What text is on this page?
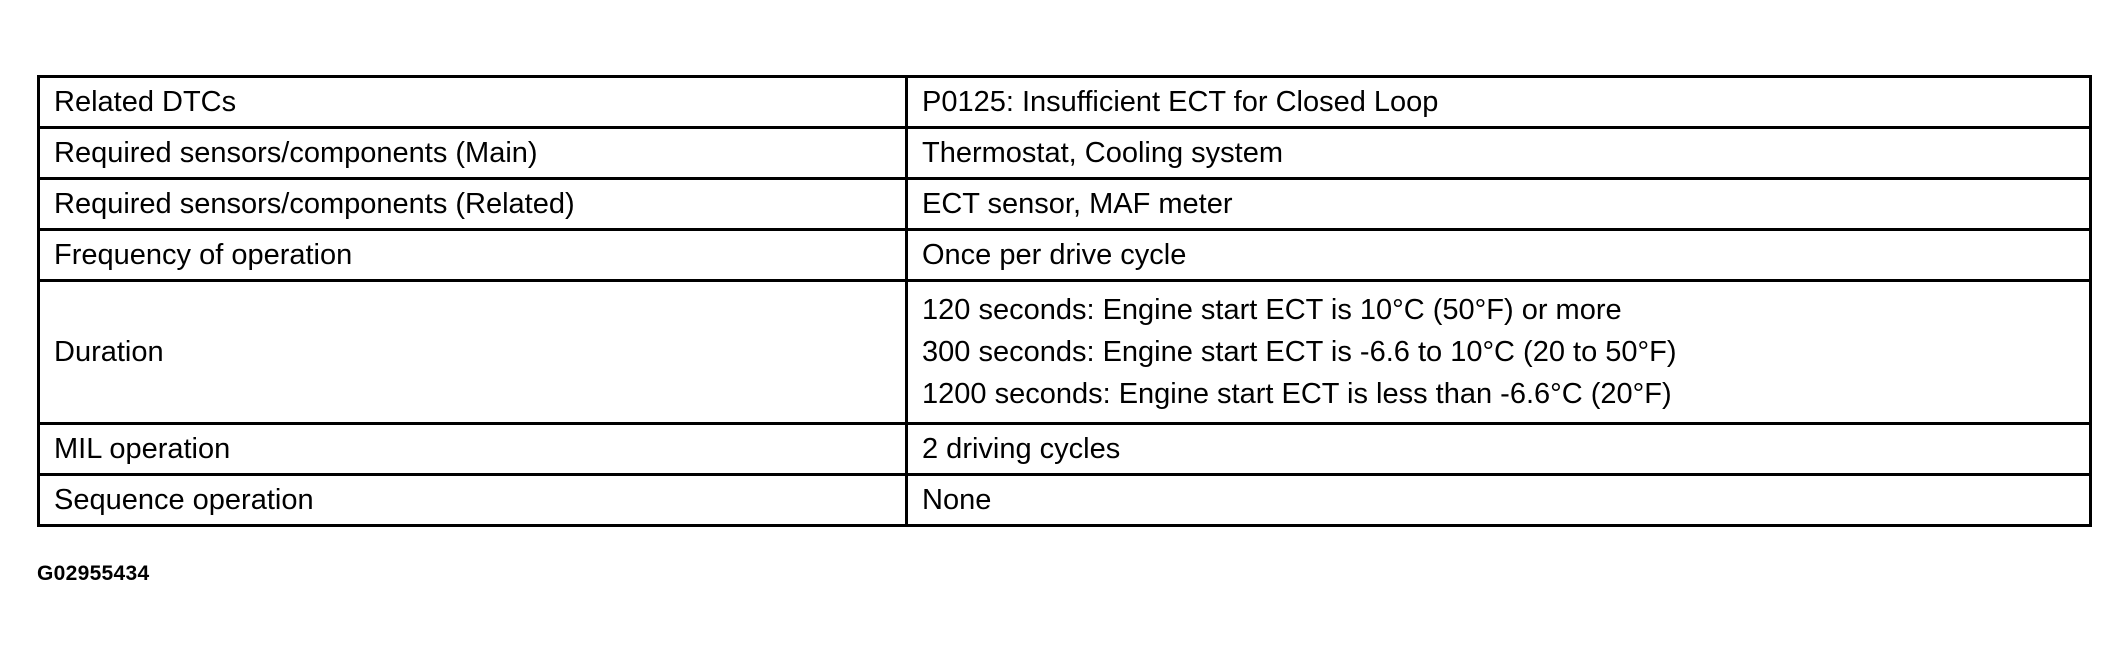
Related DTCs	P0125: Insufficient ECT for Closed Loop
Required sensors/components (Main)	Thermostat, Cooling system
Required sensors/components (Related)	ECT sensor, MAF meter
Frequency of operation	Once per drive cycle
Duration	120 seconds: Engine start ECT is 10°C (50°F) or more
300 seconds: Engine start ECT is -6.6 to 10°C (20 to 50°F)
1200 seconds: Engine start ECT is less than -6.6°C (20°F)

MIL operation	2 driving cycles
Sequence operation	None
G02955434
